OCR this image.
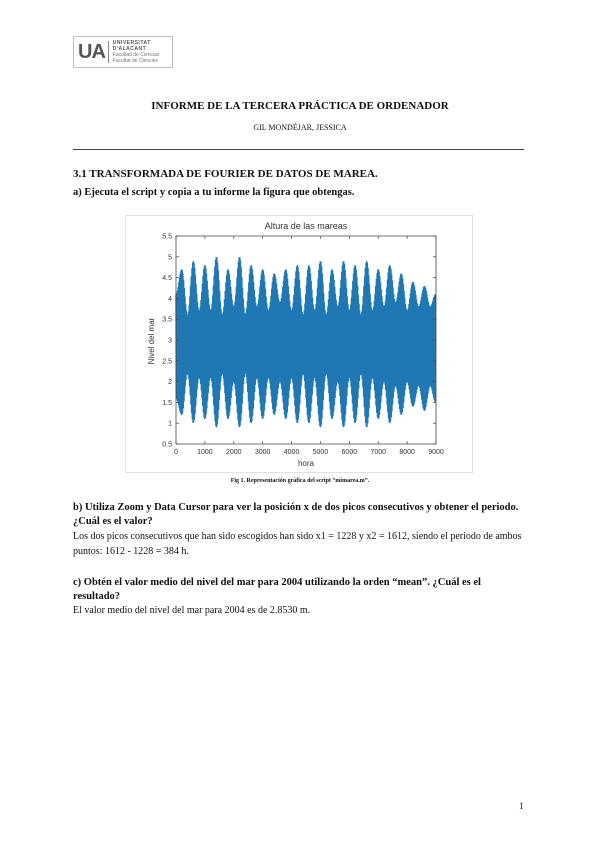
UA UNIVERSITAT D'ALACANT
Facultad de Ciencias
Facultat de Ciències
INFORME DE LA TERCERA PRÁCTICA DE ORDENADOR
GIL MONDÉJAR, JESSICA
3.1 TRANSFORMADA DE FOURIER DE DATOS DE MAREA.
a) Ejecuta el script y copia a tu informe la figura que obtengas.
Altura de las mareas
0	1000 2000 3000 4000 5000 6000 7000 8000 9000
0.5
1
1.5
2
2.5
3
3.5
4
4.5
5
5.5
hora
Nivel del mar
Fig 1. Representación gráfica del script “mimarea.m”.
b) Utiliza Zoom y Data Cursor para ver la posición x de dos picos consecutivos y obtener el periodo. ¿Cuál es el valor?
Los dos picos consecutivos que han sido escogidos han sido x1 = 1228 y x2 = 1612, siendo el periodo de ambos puntos: 1612 - 1228 = 384 h.
c) Obtén el valor medio del nivel del mar para 2004 utilizando la orden “mean”. ¿Cuál es el resultado?
El valor medio del nivel del mar para 2004 es de 2.8530 m.
1
